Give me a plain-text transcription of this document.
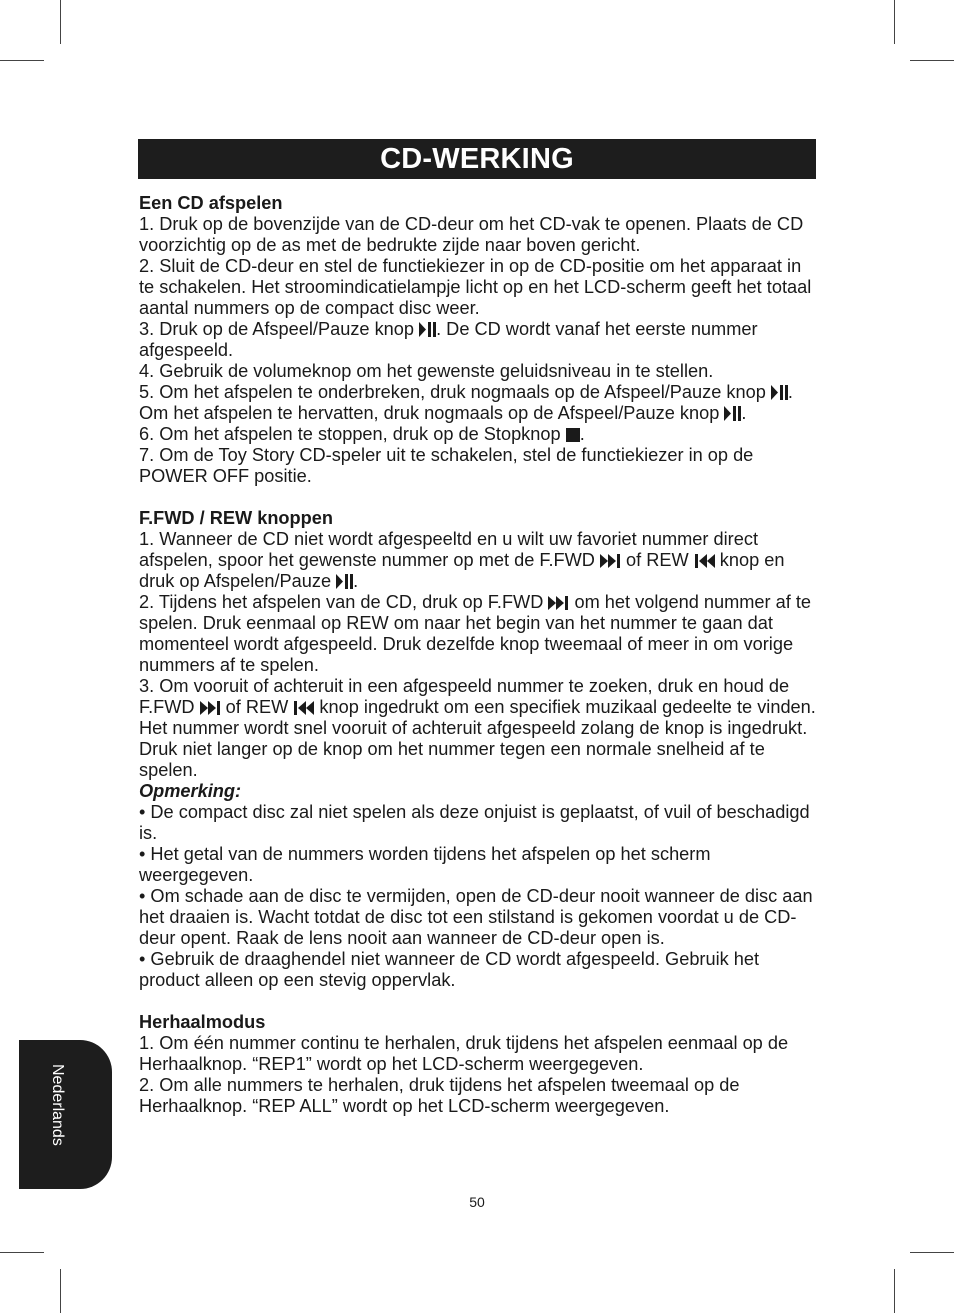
CD-WERKING

Een CD afspelen

1. Druk op de bovenzijde van de CD-deur om het CD-vak te openen. Plaats de CD voorzichtig op de as met de bedrukte zijde naar boven gericht.

2. Sluit de CD-deur en stel de functiekiezer in op de CD-positie om het apparaat in te schakelen. Het stroomindicatielampje licht op en het LCD-scherm geeft het totaal aantal nummers op de compact disc weer.

3. Druk op de Afspeel/Pauze knop . De CD wordt vanaf het eerste nummer afgespeeld.

4. Gebruik de volumeknop om het gewenste geluidsniveau in te stellen.

5. Om het afspelen te onderbreken, druk nogmaals op de Afspeel/Pauze knop . Om het afspelen te hervatten, druk nogmaals op de Afspeel/Pauze knop .

6. Om het afspelen te stoppen, druk op de Stopknop .

7. Om de Toy Story CD-speler uit te schakelen, stel de functiekiezer in op de POWER OFF positie.

F.FWD / REW knoppen

1. Wanneer de CD niet wordt afgespeeltd en u wilt uw favoriet nummer direct afspelen, spoor het gewenste nummer op met de F.FWD  of REW  knop en druk op Afspelen/Pauze .

2. Tijdens het afspelen van de CD, druk op F.FWD  om het volgend nummer af te spelen. Druk eenmaal op REW om naar het begin van het nummer te gaan dat momenteel wordt afgespeeld. Druk dezelfde knop tweemaal of meer in om vorige nummers af te spelen.

3. Om vooruit of achteruit in een afgespeeld nummer te zoeken, druk en houd de F.FWD  of REW  knop ingedrukt om een specifiek muzikaal gedeelte te vinden. Het nummer wordt snel vooruit of achteruit afgespeeld zolang de knop is ingedrukt. Druk niet langer op de knop om het nummer tegen een normale snelheid af te spelen.

Opmerking:

• De compact disc zal niet spelen als deze onjuist is geplaatst, of vuil of beschadigd is.

• Het getal van de nummers worden tijdens het afspelen op het scherm weergegeven.

• Om schade aan de disc te vermijden, open de CD-deur nooit wanneer de disc aan het draaien is. Wacht totdat de disc tot een stilstand is gekomen voordat u de CD-deur opent. Raak de lens nooit aan wanneer de CD-deur open is.

• Gebruik de draaghendel niet wanneer de CD wordt afgespeeld. Gebruik het product alleen op een stevig oppervlak.

Herhaalmodus

1. Om één nummer continu te herhalen, druk tijdens het afspelen eenmaal op de Herhaalknop. “REP1” wordt op het LCD-scherm weergegeven.

2. Om alle nummers te herhalen, druk tijdens het afspelen tweemaal op de Herhaalknop. “REP ALL” wordt op het LCD-scherm weergegeven.

Nederlands
50
